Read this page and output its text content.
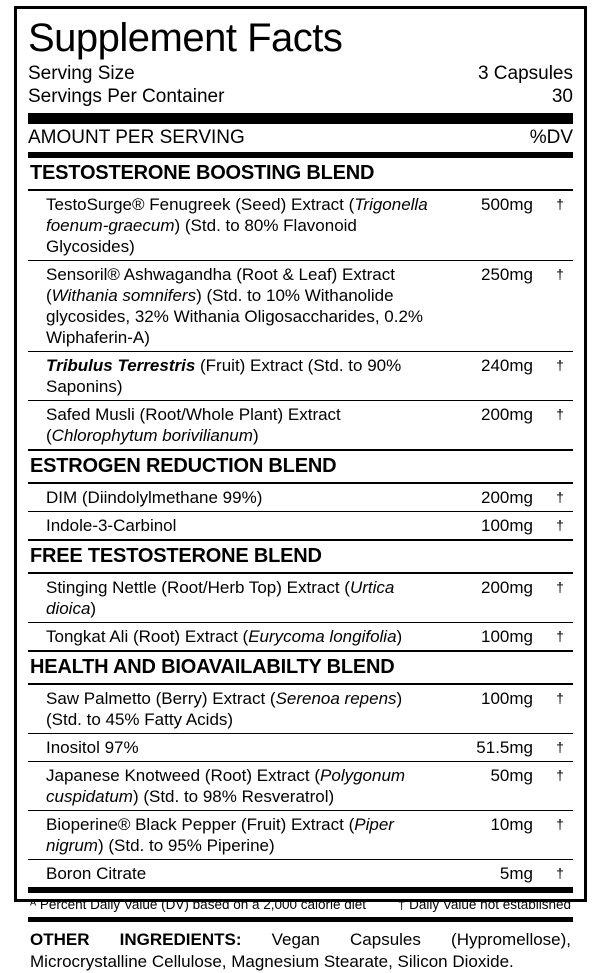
Supplement Facts
Serving Size	3 Capsules
Servings Per Container	30
AMOUNT PER SERVING	%DV
TESTOSTERONE BOOSTING BLEND
TestoSurge® Fenugreek (Seed) Extract (Trigonella foenum-graecum) (Std. to 80% Flavonoid Glycosides)
500mg	†
Sensoril® Ashwagandha (Root & Leaf) Extract (Withania somnifers) (Std. to 10% Withanolide glycosides, 32% Withania Oligosaccharides, 0.2% Wiphaferin-A)
250mg	†
Tribulus Terrestris (Fruit) Extract (Std. to 90% Saponins)
240mg	†
Safed Musli (Root/Whole Plant) Extract (Chlorophytum borivilianum)
200mg	†
ESTROGEN REDUCTION BLEND
DIM (Diindolylmethane 99%)	200mg	†
Indole-3-Carbinol	100mg	†
FREE TESTOSTERONE BLEND
Stinging Nettle (Root/Herb Top) Extract (Urtica dioica)
200mg	†
Tongkat Ali (Root) Extract (Eurycoma longifolia)	100mg	†
HEALTH AND BIOAVAILABILTY BLEND
Saw Palmetto (Berry) Extract (Serenoa repens) (Std. to 45% Fatty Acids)
100mg	†
Inositol 97%	51.5mg	†
Japanese Knotweed (Root) Extract (Polygonum cuspidatum) (Std. to 98% Resveratrol)
50mg	†
Bioperine® Black Pepper (Fruit) Extract (Piper nigrum) (Std. to 95% Piperine)
10mg	†
Boron Citrate	5mg	†
ᴬ Percent Daily Value (DV) based on a 2,000 calorie diet † Daily Value not established
OTHER INGREDIENTS: Vegan Capsules (Hypromellose), Microcrystalline Cellulose, Magnesium Stearate, Silicon Dioxide.
